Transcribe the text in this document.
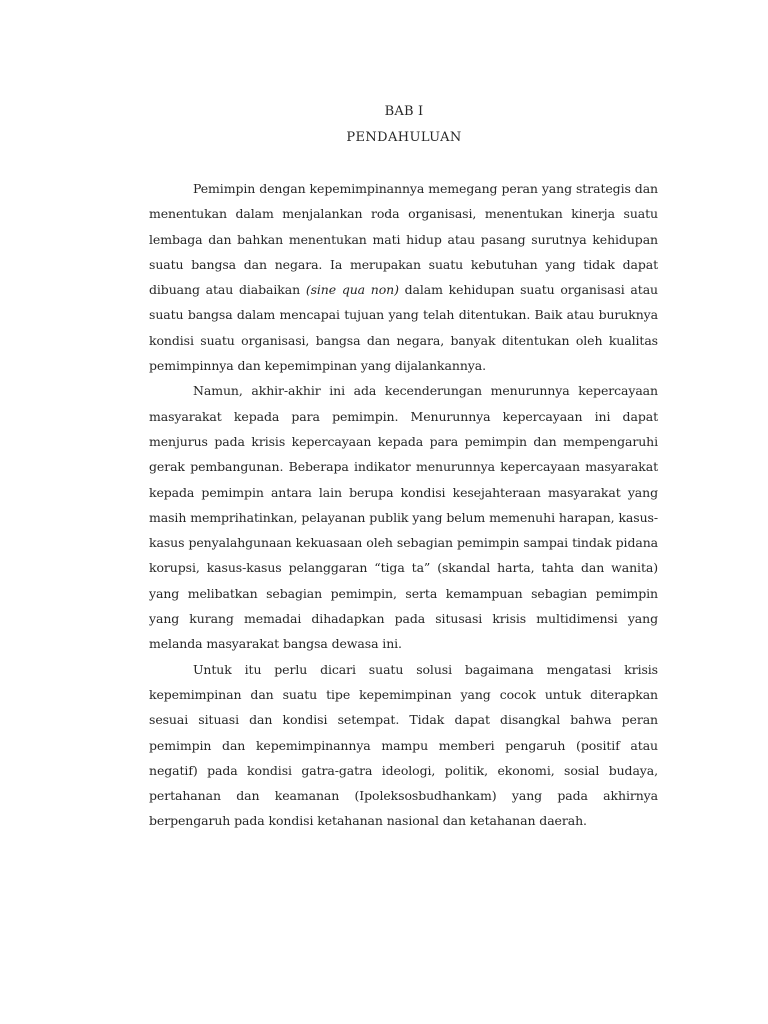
BAB I
PENDAHULUAN

Pemimpin dengan kepemimpinannya memegang peran yang strategis dan menentukan dalam menjalankan roda organisasi, menentukan kinerja suatu lembaga dan bahkan menentukan mati hidup atau pasang surutnya kehidupan suatu bangsa dan negara. Ia merupakan suatu kebutuhan yang tidak dapat dibuang atau diabaikan (sine qua non) dalam kehidupan suatu organisasi atau suatu bangsa dalam mencapai tujuan yang telah ditentukan. Baik atau buruknya kondisi suatu organisasi, bangsa dan negara, banyak ditentukan oleh kualitas pemimpinnya dan kepemimpinan yang dijalankannya.

Namun, akhir-akhir ini ada kecenderungan menurunnya kepercayaan masyarakat kepada para pemimpin. Menurunnya kepercayaan ini dapat menjurus pada krisis kepercayaan kepada para pemimpin dan mempengaruhi gerak pembangunan. Beberapa indikator menurunnya kepercayaan masyarakat kepada pemimpin antara lain berupa kondisi kesejahteraan masyarakat yang masih memprihatinkan, pelayanan publik yang belum memenuhi harapan, kasus-kasus penyalahgunaan kekuasaan oleh sebagian pemimpin sampai tindak pidana korupsi, kasus-kasus pelanggaran “tiga ta” (skandal harta, tahta dan wanita) yang melibatkan sebagian pemimpin, serta kemampuan sebagian pemimpin yang kurang memadai dihadapkan pada situsasi krisis multidimensi yang melanda masyarakat bangsa dewasa ini.

Untuk itu perlu dicari suatu solusi bagaimana mengatasi krisis kepemimpinan dan suatu tipe kepemimpinan yang cocok untuk diterapkan sesuai situasi dan kondisi setempat. Tidak dapat disangkal bahwa peran pemimpin dan kepemimpinannya mampu memberi pengaruh (positif atau negatif) pada kondisi gatra-gatra ideologi, politik, ekonomi, sosial budaya, pertahanan dan keamanan (Ipoleksosbudhankam) yang pada akhirnya berpengaruh pada kondisi ketahanan nasional dan ketahanan daerah.
